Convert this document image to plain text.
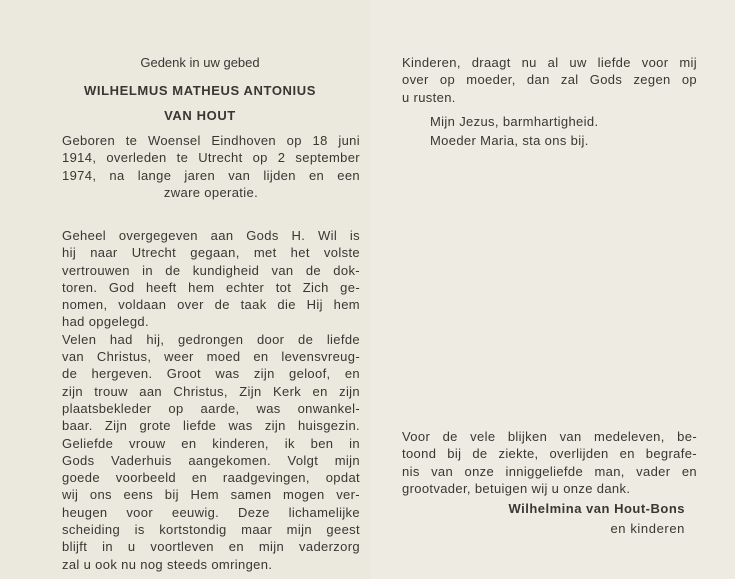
Gedenk in uw gebed
WILHELMUS MATHEUS ANTONIUS
VAN HOUT
Geboren te Woensel Eindhoven op 18 juni
1914, overleden te Utrecht op 2 september
1974, na lange jaren van lijden en een
zware operatie.
Geheel overgegeven aan Gods H. Wil is
hij naar Utrecht gegaan, met het volste
vertrouwen in de kundigheid van de dok-
toren. God heeft hem echter tot Zich ge-
nomen, voldaan over de taak die Hij hem
had opgelegd.
Velen had hij, gedrongen door de liefde
van Christus, weer moed en levensvreug-
de hergeven. Groot was zijn geloof, en
zijn trouw aan Christus, Zijn Kerk en zijn
plaatsbekleder op aarde, was onwankel-
baar. Zijn grote liefde was zijn huisgezin.
Geliefde vrouw en kinderen, ik ben in
Gods Vaderhuis aangekomen. Volgt mijn
goede voorbeeld en raadgevingen, opdat
wij ons eens bij Hem samen mogen ver-
heugen voor eeuwig. Deze lichamelijke
scheiding is kortstondig maar mijn geest
blijft in u voortleven en mijn vaderzorg
zal u ook nu nog steeds omringen.
Kinderen, draagt nu al uw liefde voor mij
over op moeder, dan zal Gods zegen op
u rusten.
Mijn Jezus, barmhartigheid.
Moeder Maria, sta ons bij.
Voor de vele blijken van medeleven, be-
toond bij de ziekte, overlijden en begrafe-
nis van onze inniggeliefde man, vader en
grootvader, betuigen wij u onze dank.
Wilhelmina van Hout-Bons
en kinderen
